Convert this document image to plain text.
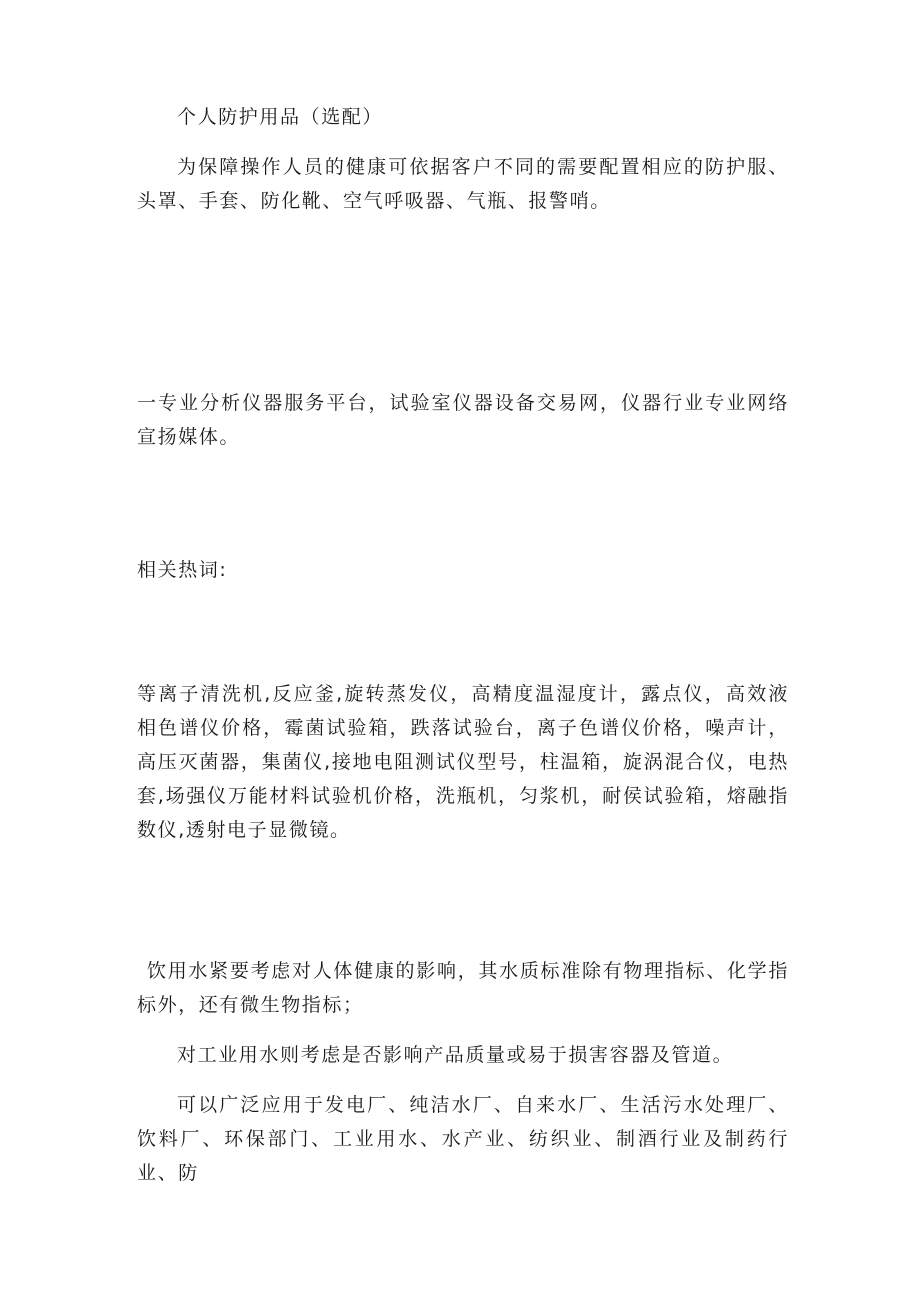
个人防护用品（选配）

为保障操作人员的健康可依据客户不同的需要配置相应的防护服、头罩、手套、防化靴、空气呼吸器、气瓶、报警哨。

一专业分析仪器服务平台，试验室仪器设备交易网，仪器行业专业网络宣扬媒体。

相关热词:

等离子清洗机,反应釜,旋转蒸发仪，高精度温湿度计，露点仪，高效液相色谱仪价格，霉菌试验箱，跌落试验台，离子色谱仪价格，噪声计，高压灭菌器，集菌仪,接地电阻测试仪型号，柱温箱，旋涡混合仪，电热套,场强仪万能材料试验机价格，洗瓶机，匀浆机，耐侯试验箱，熔融指数仪,透射电子显微镜。

饮用水紧要考虑对人体健康的影响，其水质标准除有物理指标、化学指标外，还有微生物指标；

对工业用水则考虑是否影响产品质量或易于损害容器及管道。

可以广泛应用于发电厂、纯洁水厂、自来水厂、生活污水处理厂、饮料厂、环保部门、工业用水、水产业、纺织业、制酒行业及制药行业、防
